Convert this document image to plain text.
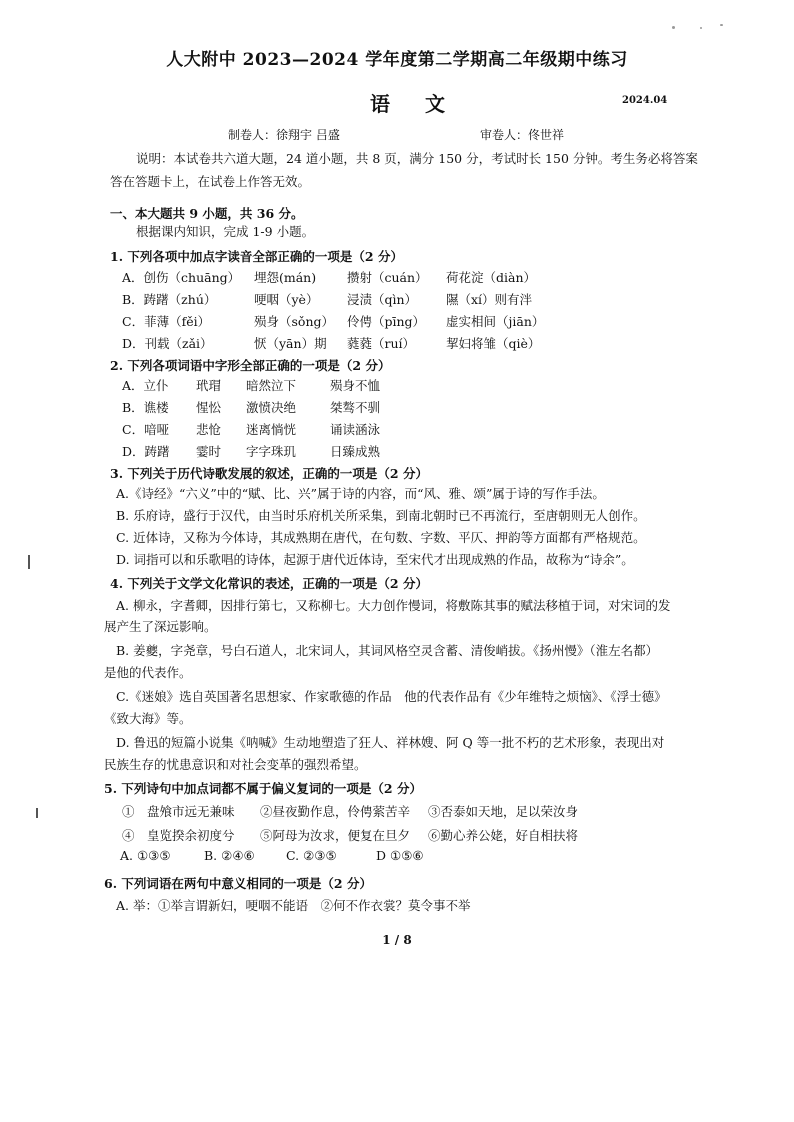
人大附中 2023—2024 学年度第二学期高二年级期中练习
语 文	2024.04
制卷人：徐翔宇 吕盛	审卷人：佟世祥
说明：本试卷共六道大题，24 道小题，共 8 页，满分 150 分，考试时长 150 分钟。考生务必将答案
答在答题卡上，在试卷上作答无效。
一、本大题共 9 小题，共 36 分。
根据课内知识，完成 1-9 小题。
1. 下列各项中加点字读音全部正确的一项是（2 分）
A．创伤（chuāng） 埋怨(mán) 攒射（cuán） 荷花淀（diàn）
B．踌躇（zhú）	哽咽（yè） 浸渍（qìn） 隰（xí）则有泮
C．菲薄（fěi）	殒身（sǒng） 伶俜（pīng） 虚实相间（jiān）
D．刊载（zǎi）	恹（yān）期 蕤蕤（ruí） 挈妇将雏（qiè）
2. 下列各项词语中字形全部正确的一项是（2 分）
A．立仆 玳瑁 暗然泣下	殒身不恤
B．谯楼 惺忪 激愤决绝	桀骜不驯
C．喑哑 悲怆 迷离惝恍	诵读涵泳
D．踌躇 霎时 字字珠玑	日臻成熟
3. 下列关于历代诗歌发展的叙述，正确的一项是（2 分）
A.《诗经》“六义”中的“赋、比、兴”属于诗的内容，而“风、雅、颂”属于诗的写作手法。
B. 乐府诗，盛行于汉代，由当时乐府机关所采集，到南北朝时已不再流行，至唐朝则无人创作。
C. 近体诗，又称为今体诗，其成熟期在唐代，在句数、字数、平仄、押韵等方面都有严格规范。
D. 词指可以和乐歌唱的诗体，起源于唐代近体诗，至宋代才出现成熟的作品，故称为“诗余”。
4. 下列关于文学文化常识的表述，正确的一项是（2 分）
A. 柳永，字耆卿，因排行第七，又称柳七。大力创作慢词，将敷陈其事的赋法移植于词，对宋词的发
展产生了深远影响。
B. 姜夔，字尧章，号白石道人，北宋词人，其词风格空灵含蓄、清俊峭拔。《扬州慢》（淮左名都）
是他的代表作。
C.《迷娘》选自英国著名思想家、作家歌德的作品　他的代表作品有《少年维特之烦恼》、《浮士德》
《致大海》等。
D. 鲁迅的短篇小说集《呐喊》生动地塑造了狂人、祥林嫂、阿 Q 等一批不朽的艺术形象，表现出对
民族生存的忧患意识和对社会变革的强烈希望。
5. 下列诗句中加点词都不属于偏义复词的一项是（2 分）
①　盘飧市远无兼味 ②昼夜勤作息，伶俜萦苦辛 ③否泰如天地，足以荣汝身
④　皇览揆余初度兮 ⑤阿母为汝求，便复在旦夕 ⑥勤心养公姥，好自相扶将
A. ①③⑤	B. ②④⑥ C. ②③⑤	D ①⑤⑥
6. 下列词语在两句中意义相同的一项是（2 分）
A. 举：①举言谓新妇，哽咽不能语　②何不作衣裳？莫令事不举
1 / 8
